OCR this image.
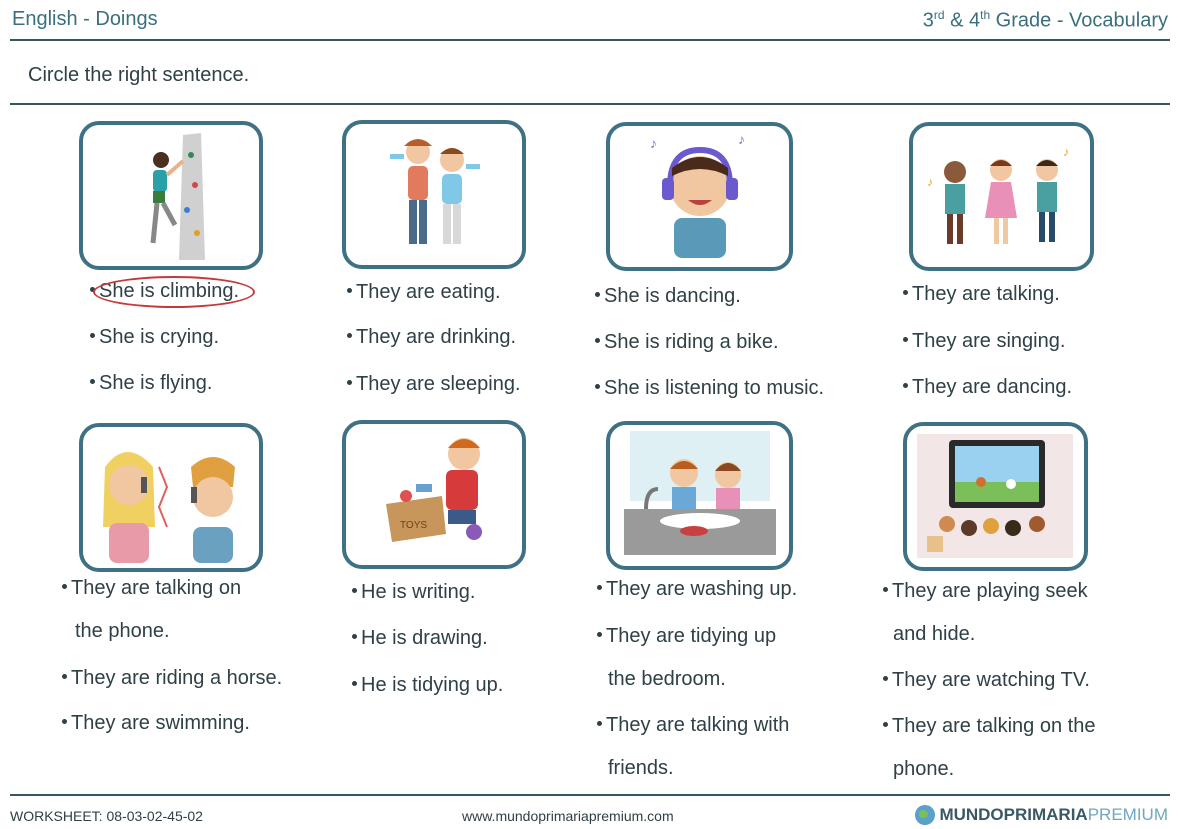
English - Doings	3rd & 4th Grade - Vocabulary
Circle the right sentence.
She is climbing.
She is crying.
She is flying.
They are eating.
They are drinking.
They are sleeping.
♪	♪
She is dancing.
She is riding a bike.
She is listening to music.
♪
♪
They are talking.
They are singing.
They are dancing.
They are talking on
the phone.
They are riding a horse.
They are swimming.
TOYS
He is writing.
He is drawing.
He is tidying up.
They are washing up.
They are tidying up
the bedroom.
They are talking with
friends.
They are playing seek
and hide.
They are watching TV.
They are talking on the
phone.
WORKSHEET: 08-03-02-45-02	www.mundoprimariapremium.com	MUNDO PRIMARIA PREMIUM
